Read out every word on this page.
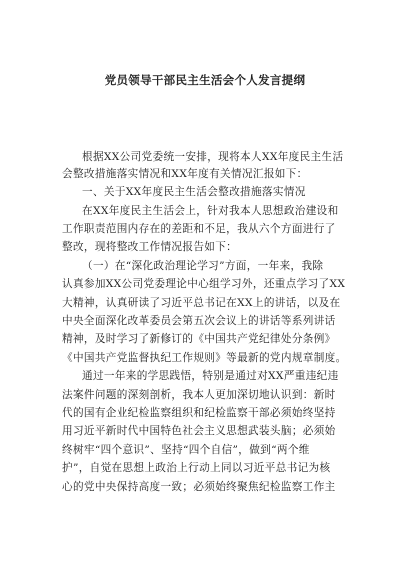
党员领导干部民主生活会个人发言提纲
根据XX公司党委统一安排，现将本人XX年度民主生活
会整改措施落实情况和XX年度有关情况汇报如下：
一、关于XX年度民主生活会整改措施落实情况
在XX年度民主生活会上，针对我本人思想政治建设和
工作职责范围内存在的差距和不足，我从六个方面进行了
整改，现将整改工作情况报告如下：
（一）在“深化政治理论学习”方面，一年来，我除
认真参加XX公司党委理论中心组学习外，还重点学习了XX
大精神，认真研读了习近平总书记在XX上的讲话，以及在
中央全面深化改革委员会第五次会议上的讲话等系列讲话
精神，及时学习了新修订的《中国共产党纪律处分条例》
《中国共产党监督执纪工作规则》等最新的党内规章制度。
通过一年来的学思践悟，特别是通过对XX严重违纪违
法案件问题的深刻剖析，我本人更加深切地认识到：新时
代的国有企业纪检监察组织和纪检监察干部必须始终坚持
用习近平新时代中国特色社会主义思想武装头脑；必须始
终树牢“四个意识”、坚持“四个自信”，做到“两个维
护”，自觉在思想上政治上行动上同以习近平总书记为核
心的党中央保持高度一致；必须始终聚焦纪检监察工作主
